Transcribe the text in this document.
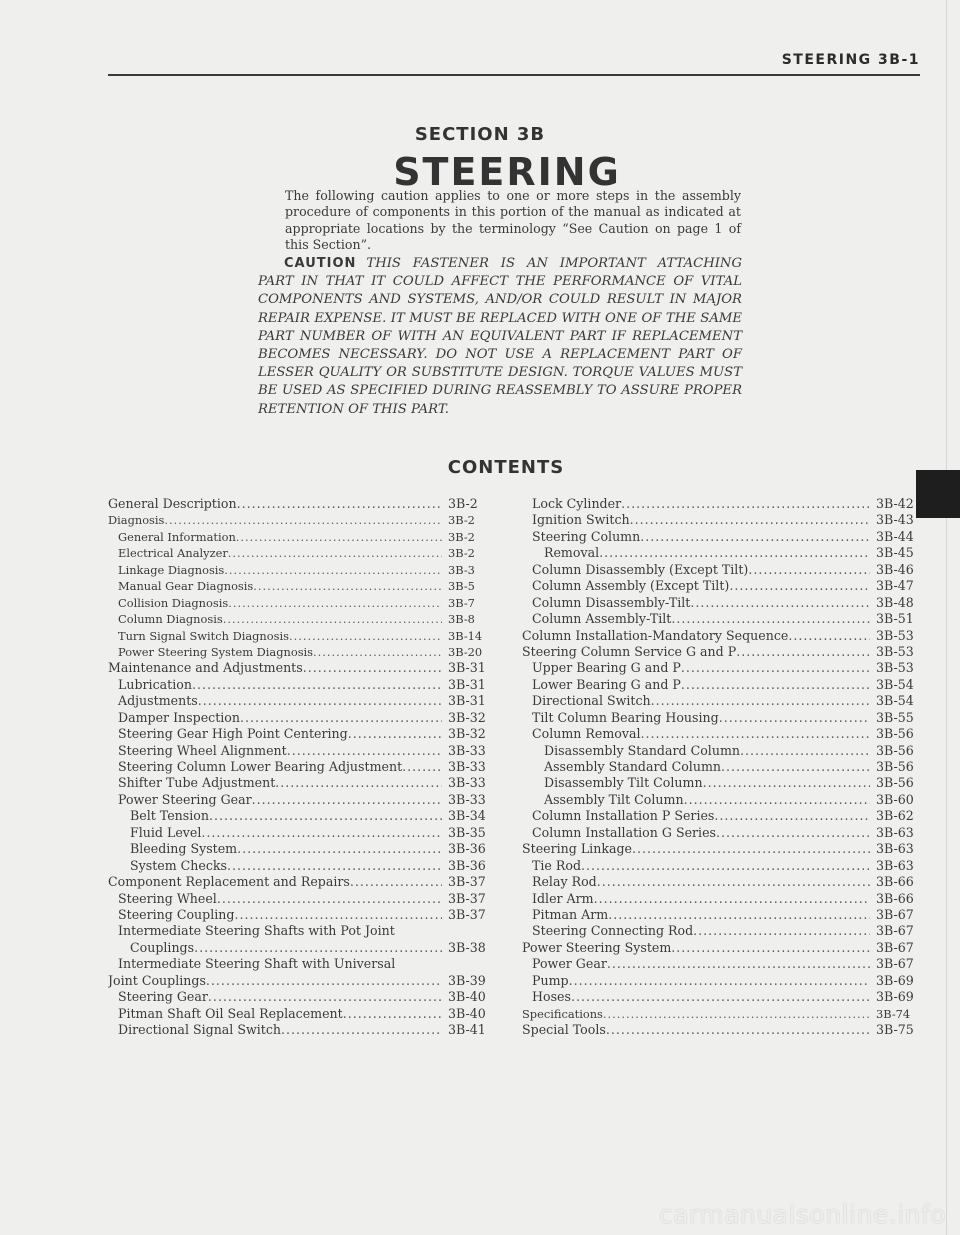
STEERING 3B-1
SECTION 3B
STEERING
The following caution applies to one or more steps in the assembly procedure of components in this portion of the manual as indicated at appropriate locations by the terminology “See Caution on page 1 of this Section”.
CAUTION THIS FASTENER IS AN IMPORTANT ATTACHING PART IN THAT IT COULD AFFECT THE PERFORMANCE OF VITAL COMPONENTS AND SYSTEMS, AND/OR COULD RESULT IN MAJOR REPAIR EXPENSE. IT MUST BE REPLACED WITH ONE OF THE SAME PART NUMBER OF WITH AN EQUIVALENT PART IF REPLACEMENT BECOMES NECESSARY. DO NOT USE A REPLACEMENT PART OF LESSER QUALITY OR SUBSTITUTE DESIGN. TORQUE VALUES MUST BE USED AS SPECIFIED DURING REASSEMBLY TO ASSURE PROPER RETENTION OF THIS PART.
CONTENTS
General Description .....	3B-2
Diagnosis .....	3B-2
General Information .....	3B-2
Electrical Analyzer .....	3B-2
Linkage Diagnosis .....	3B-3
Manual Gear Diagnosis .....	3B-5
Collision Diagnosis .....	3B-7
Column Diagnosis .....	3B-8
Turn Signal Switch Diagnosis .....	3B-14
Power Steering System Diagnosis .....	3B-20
Maintenance and Adjustments .....	3B-31
Lubrication .....	3B-31
Adjustments .....	3B-31
Damper Inspection .....	3B-32
Steering Gear High Point Centering .....	3B-32
Steering Wheel Alignment .....	3B-33
Steering Column Lower Bearing Adjustment .....	3B-33
Shifter Tube Adjustment .....	3B-33
Power Steering Gear .....	3B-33
Belt Tension .....	3B-34
Fluid Level .....	3B-35
Bleeding System .....	3B-36
System Checks .....	3B-36
Component Replacement and Repairs .....	3B-37
Steering Wheel .....	3B-37
Steering Coupling .....	3B-37
Intermediate Steering Shafts with Pot Joint
Couplings .....	3B-38
Intermediate Steering Shaft with Universal
Joint Couplings .....	3B-39
Steering Gear .....	3B-40
Pitman Shaft Oil Seal Replacement .....	3B-40
Directional Signal Switch .....	3B-41
Lock Cylinder .....	3B-42
Ignition Switch .....	3B-43
Steering Column .....	3B-44
Removal .....	3B-45
Column Disassembly (Except Tilt) .....	3B-46
Column Assembly (Except Tilt) .....	3B-47
Column Disassembly-Tilt .....	3B-48
Column Assembly-Tilt .....	3B-51
Column Installation-Mandatory Sequence .....	3B-53
Steering Column Service G and P .....	3B-53
Upper Bearing G and P .....	3B-53
Lower Bearing G and P .....	3B-54
Directional Switch .....	3B-54
Tilt Column Bearing Housing .....	3B-55
Column Removal .....	3B-56
Disassembly Standard Column .....	3B-56
Assembly Standard Column .....	3B-56
Disassembly Tilt Column .....	3B-56
Assembly Tilt Column .....	3B-60
Column Installation P Series .....	3B-62
Column Installation G Series .....	3B-63
Steering Linkage .....	3B-63
Tie Rod .....	3B-63
Relay Rod .....	3B-66
Idler Arm .....	3B-66
Pitman Arm .....	3B-67
Steering Connecting Rod .....	3B-67
Power Steering System .....	3B-67
Power Gear .....	3B-67
Pump .....	3B-69
Hoses .....	3B-69
Specifications .....	3B-74
Special Tools .....	3B-75
carmanualsonline.info
